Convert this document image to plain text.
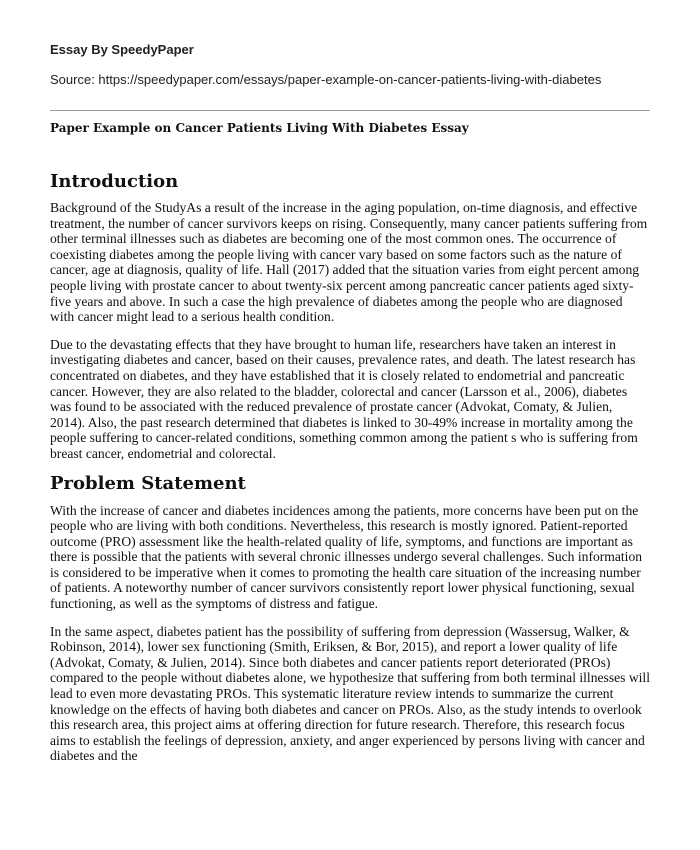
Essay By SpeedyPaper

Source: https://speedypaper.com/essays/paper-example-on-cancer-patients-living-with-diabetes

Paper Example on Cancer Patients Living With Diabetes Essay

Introduction

Background of the StudyAs a result of the increase in the aging population, on-time diagnosis, and effective treatment, the number of cancer survivors keeps on rising. Consequently, many cancer patients suffering from other terminal illnesses such as diabetes are becoming one of the most common ones. The occurrence of coexisting diabetes among the people living with cancer vary based on some factors such as the nature of cancer, age at diagnosis, quality of life. Hall (2017) added that the situation varies from eight percent among people living with prostate cancer to about twenty-six percent among pancreatic cancer patients aged sixty-five years and above. In such a case the high prevalence of diabetes among the people who are diagnosed with cancer might lead to a serious health condition.

Due to the devastating effects that they have brought to human life, researchers have taken an interest in investigating diabetes and cancer, based on their causes, prevalence rates, and death. The latest research has concentrated on diabetes, and they have established that it is closely related to endometrial and pancreatic cancer. However, they are also related to the bladder, colorectal and cancer (Larsson et al., 2006), diabetes was found to be associated with the reduced prevalence of prostate cancer (Advokat, Comaty, & Julien, 2014). Also, the past research determined that diabetes is linked to 30-49% increase in mortality among the people suffering to cancer-related conditions, something common among the patient s who is suffering from breast cancer, endometrial and colorectal.

Problem Statement

With the increase of cancer and diabetes incidences among the patients, more concerns have been put on the people who are living with both conditions. Nevertheless, this research is mostly ignored. Patient-reported outcome (PRO) assessment like the health-related quality of life, symptoms, and functions are important as there is possible that the patients with several chronic illnesses undergo several challenges. Such information is considered to be imperative when it comes to promoting the health care situation of the increasing number of patients. A noteworthy number of cancer survivors consistently report lower physical functioning, sexual functioning, as well as the symptoms of distress and fatigue.

In the same aspect, diabetes patient has the possibility of suffering from depression (Wassersug, Walker, & Robinson, 2014), lower sex functioning (Smith, Eriksen, & Bor, 2015), and report a lower quality of life (Advokat, Comaty, & Julien, 2014). Since both diabetes and cancer patients report deteriorated (PROs) compared to the people without diabetes alone, we hypothesize that suffering from both terminal illnesses will lead to even more devastating PROs. This systematic literature review intends to summarize the current knowledge on the effects of having both diabetes and cancer on PROs. Also, as the study intends to overlook this research area, this project aims at offering direction for future research. Therefore, this research focus aims to establish the feelings of depression, anxiety, and anger experienced by persons living with cancer and diabetes and the
